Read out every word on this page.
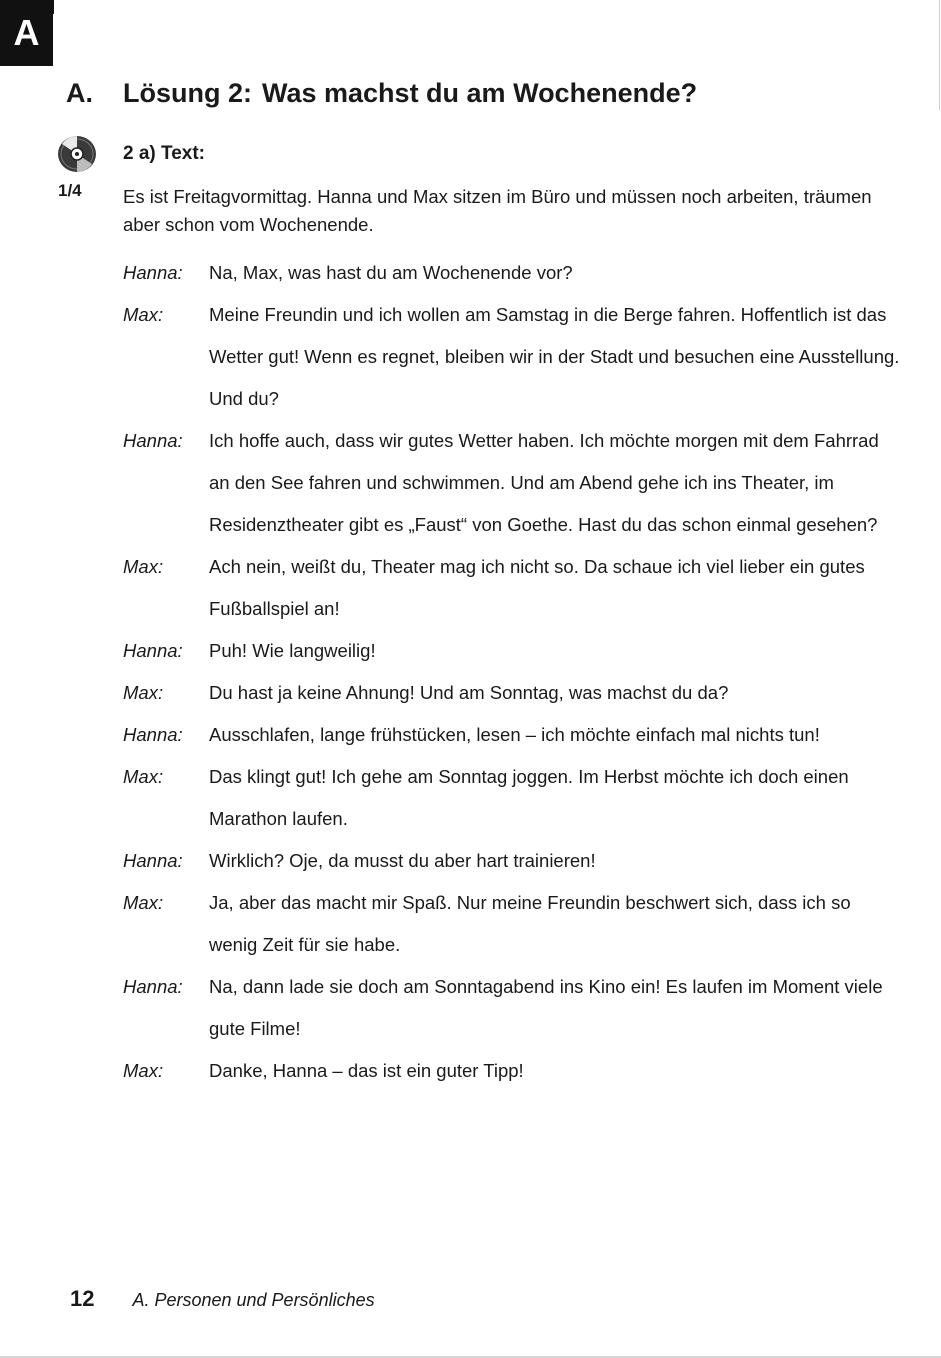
A
A. Lösung 2: Was machst du am Wochenende?
1/4
2 a) Text:
Es ist Freitagvormittag. Hanna und Max sitzen im Büro und müssen noch arbeiten, träumen aber schon vom Wochenende.
Hanna:	Na, Max, was hast du am Wochenende vor?
Max:	Meine Freundin und ich wollen am Samstag in die Berge fahren. Hoffentlich ist das Wetter gut! Wenn es regnet, bleiben wir in der Stadt und besuchen eine Ausstellung. Und du?
Hanna:	Ich hoffe auch, dass wir gutes Wetter haben. Ich möchte morgen mit dem Fahrrad an den See fahren und schwimmen. Und am Abend gehe ich ins Theater, im Residenztheater gibt es „Faust“ von Goethe. Hast du das schon einmal gesehen?
Max:	Ach nein, weißt du, Theater mag ich nicht so. Da schaue ich viel lieber ein gutes Fußballspiel an!
Hanna:	Puh! Wie langweilig!
Max:	Du hast ja keine Ahnung! Und am Sonntag, was machst du da?
Hanna:	Ausschlafen, lange frühstücken, lesen – ich möchte einfach mal nichts tun!
Max:	Das klingt gut! Ich gehe am Sonntag joggen. Im Herbst möchte ich doch einen Marathon laufen.
Hanna:	Wirklich? Oje, da musst du aber hart trainieren!
Max:	Ja, aber das macht mir Spaß. Nur meine Freundin beschwert sich, dass ich so wenig Zeit für sie habe.
Hanna:	Na, dann lade sie doch am Sonntagabend ins Kino ein! Es laufen im Moment viele gute Filme!
Max:	Danke, Hanna – das ist ein guter Tipp!
12 A. Personen und Persönliches
